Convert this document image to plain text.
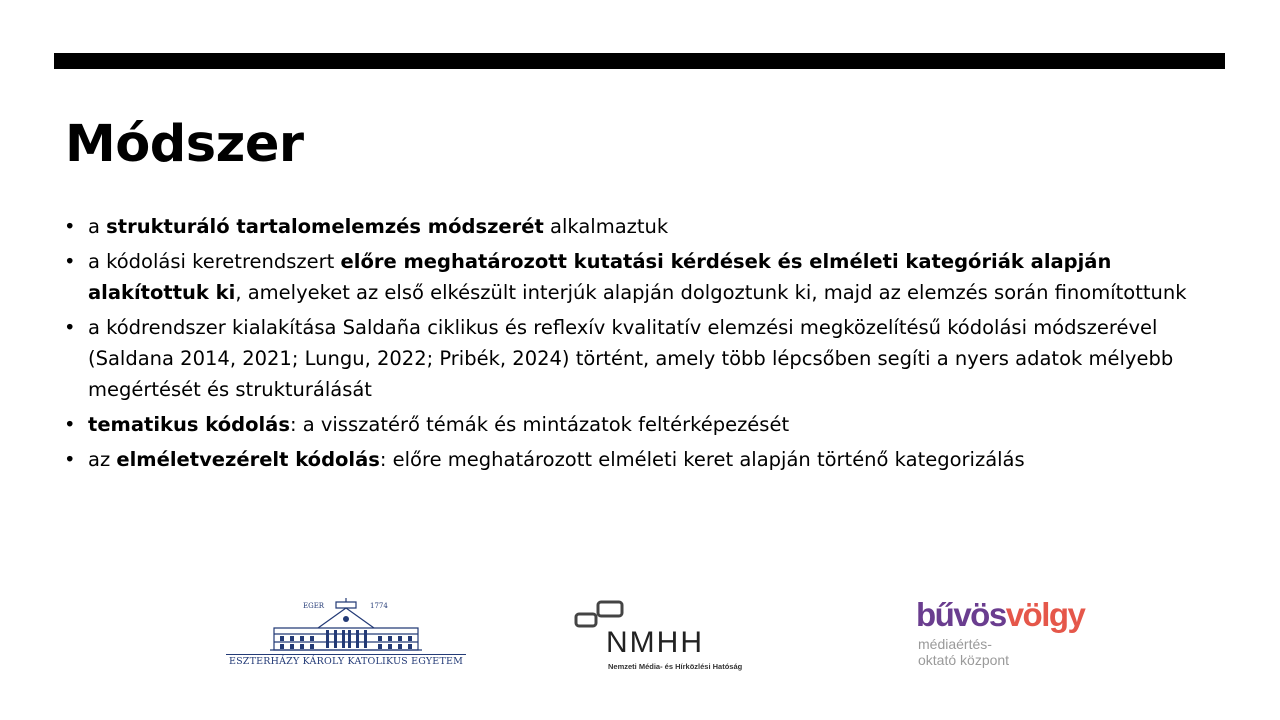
Módszer
• a strukturáló tartalomelemzés módszerét alkalmaztuk
• a kódolási keretrendszert előre meghatározott kutatási kérdések és elméleti kategóriák alapján alakítottuk ki, amelyeket az első elkészült interjúk alapján dolgoztunk ki, majd az elemzés során finomítottunk
• a kódrendszer kialakítása Saldaña ciklikus és reflexív kvalitatív elemzési megközelítésű kódolási módszerével (Saldana 2014, 2021; Lungu, 2022; Pribék, 2024) történt, amely több lépcsőben segíti a nyers adatok mélyebb megértését és strukturálását
• tematikus kódolás: a visszatérő témák és mintázatok feltérképezését
• az elméletvezérelt kódolás: előre meghatározott elméleti keret alapján történő kategorizálás
EGER	1774
ESZTERHÁZY KÁROLY KATOLIKUS EGYETEM
NMHH
Nemzeti Média- és Hírközlési Hatóság
bűvösvölgy
médiaértés-
oktató központ
